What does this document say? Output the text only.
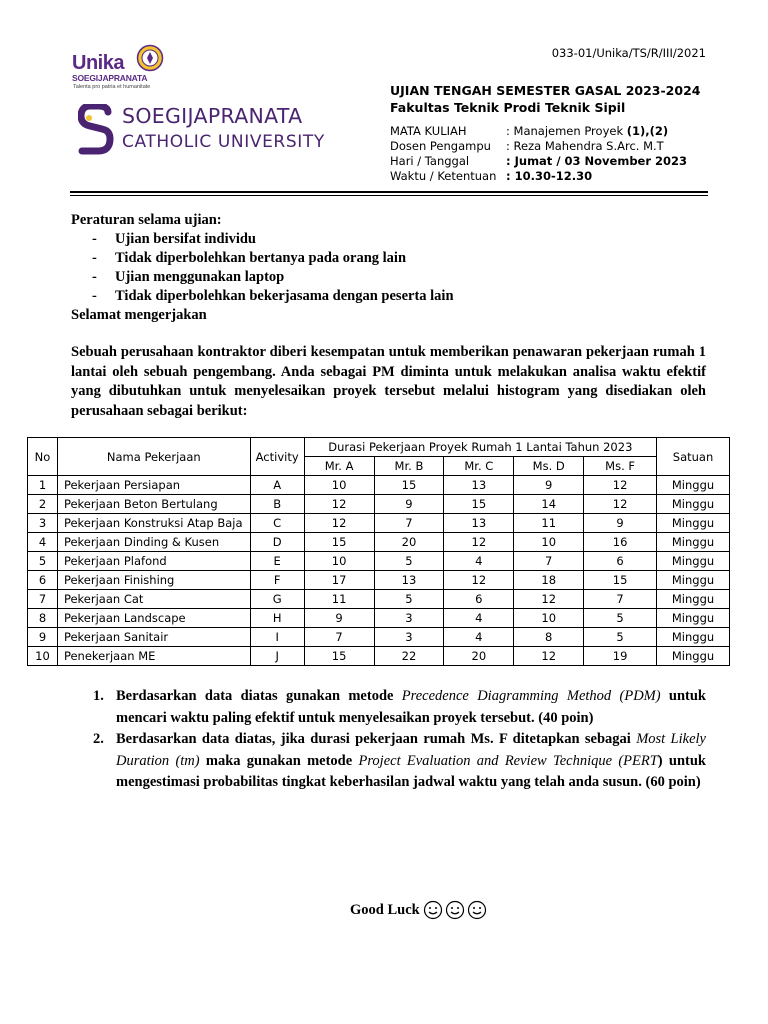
033-01/Unika/TS/R/III/2021
Unika
SOEGIJAPRANATA
Talenta pro patria et humanitate
SOEGIJAPRANATA
CATHOLIC UNIVERSITY
UJIAN TENGAH SEMESTER GASAL 2023-2024
Fakultas Teknik Prodi Teknik Sipil
MATA KULIAH	: Manajemen Proyek (1),(2)
Dosen Pengampu	: Reza Mahendra S.Arc. M.T
Hari / Tanggal	: Jumat / 03 November 2023
Waktu / Ketentuan : 10.30-12.30
Peraturan selama ujian:
- Ujian bersifat individu
- Tidak diperbolehkan bertanya pada orang lain
- Ujian menggunakan laptop
- Tidak diperbolehkan bekerjasama dengan peserta lain
Selamat mengerjakan
Sebuah perusahaan kontraktor diberi kesempatan untuk memberikan penawaran pekerjaan rumah 1 lantai oleh sebuah pengembang. Anda sebagai PM diminta untuk melakukan analisa waktu efektif yang dibutuhkan untuk menyelesaikan proyek tersebut melalui histogram yang disediakan oleh perusahaan sebagai berikut:
No	Nama Pekerjaan	Activity	Durasi Pekerjaan Proyek Rumah 1 Lantai Tahun 2023					Satuan
			Mr. A	Mr. B	Mr. C	Ms. D	Ms. F	
1	Pekerjaan Persiapan	A	10	15	13	9	12	Minggu
2	Pekerjaan Beton Bertulang	B	12	9	15	14	12	Minggu
3	Pekerjaan Konstruksi Atap Baja	C	12	7	13	11	9	Minggu
4	Pekerjaan Dinding & Kusen	D	15	20	12	10	16	Minggu
5	Pekerjaan Plafond	E	10	5	4	7	6	Minggu
6	Pekerjaan Finishing	F	17	13	12	18	15	Minggu
7	Pekerjaan Cat	G	11	5	6	12	7	Minggu
8	Pekerjaan Landscape	H	9	3	4	10	5	Minggu
9	Pekerjaan Sanitair	I	7	3	4	8	5	Minggu
10	Penekerjaan ME	J	15	22	20	12	19	Minggu
1. Berdasarkan data diatas gunakan metode Precedence Diagramming Method (PDM) untuk mencari waktu paling efektif untuk menyelesaikan proyek tersebut. (40 poin)
2. Berdasarkan data diatas, jika durasi pekerjaan rumah Ms. F ditetapkan sebagai Most Likely Duration (tm) maka gunakan metode Project Evaluation and Review Technique (PERT) untuk mengestimasi probabilitas tingkat keberhasilan jadwal waktu yang telah anda susun. (60 poin)
Good Luck
